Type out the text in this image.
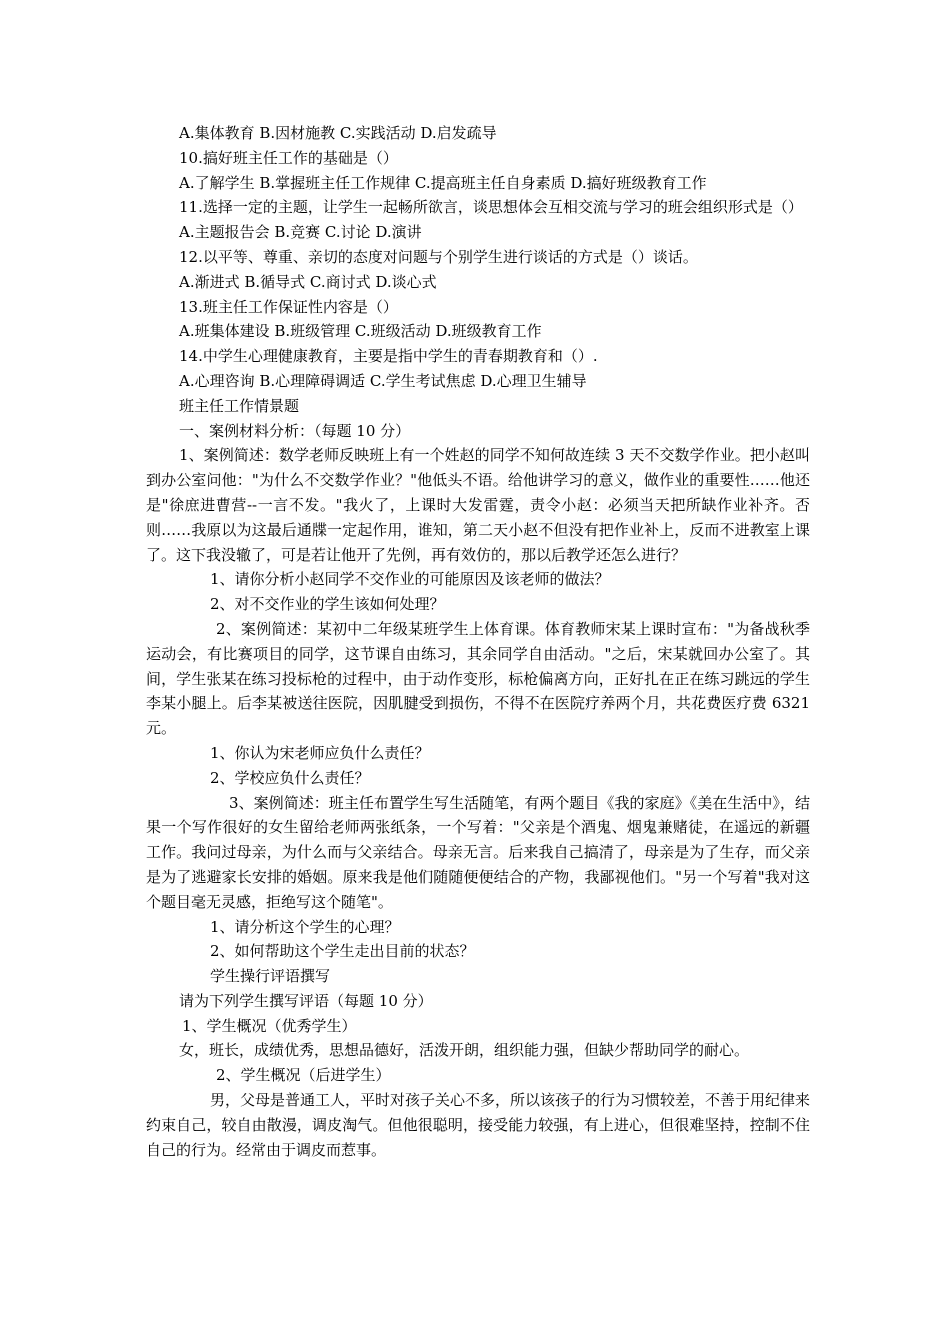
A.集体教育 B.因材施教 C.实践活动 D.启发疏导

10.搞好班主任工作的基础是（）

A.了解学生 B.掌握班主任工作规律 C.提高班主任自身素质 D.搞好班级教育工作

11.选择一定的主题，让学生一起畅所欲言，谈思想体会互相交流与学习的班会组织形式是（）

A.主题报告会 B.竞赛 C.讨论 D.演讲

12.以平等、尊重、亲切的态度对问题与个别学生进行谈话的方式是（）谈话。

A.渐进式 B.循导式 C.商讨式 D.谈心式

13.班主任工作保证性内容是（）

A.班集体建设 B.班级管理 C.班级活动 D.班级教育工作

14.中学生心理健康教育，主要是指中学生的青春期教育和（）.

A.心理咨询 B.心理障碍调适 C.学生考试焦虑 D.心理卫生辅导

班主任工作情景题

一、案例材料分析：（每题 10 分）

1、案例简述：数学老师反映班上有一个姓赵的同学不知何故连续 3 天不交数学作业。把小赵叫到办公室问他："为什么不交数学作业？"他低头不语。给他讲学习的意义，做作业的重要性……他还是"徐庶进曹营--一言不发。"我火了，上课时大发雷霆，责令小赵：必须当天把所缺作业补齐。否则……我原以为这最后通牒一定起作用，谁知，第二天小赵不但没有把作业补上，反而不进教室上课了。这下我没辙了，可是若让他开了先例，再有效仿的，那以后教学还怎么进行？

1、请你分析小赵同学不交作业的可能原因及该老师的做法？

2、对不交作业的学生该如何处理？

2、案例简述：某初中二年级某班学生上体育课。体育教师宋某上课时宣布："为备战秋季运动会，有比赛项目的同学，这节课自由练习，其余同学自由活动。"之后，宋某就回办公室了。其间，学生张某在练习投标枪的过程中，由于动作变形，标枪偏离方向，正好扎在正在练习跳远的学生李某小腿上。后李某被送往医院，因肌腱受到损伤，不得不在医院疗养两个月，共花费医疗费 6321 元。

1、你认为宋老师应负什么责任？

2、学校应负什么责任？

3、案例简述：班主任布置学生写生活随笔，有两个题目《我的家庭》《美在生活中》，结果一个写作很好的女生留给老师两张纸条，一个写着："父亲是个酒鬼、烟鬼兼赌徒，在遥远的新疆工作。我问过母亲，为什么而与父亲结合。母亲无言。后来我自己搞清了，母亲是为了生存，而父亲是为了逃避家长安排的婚姻。原来我是他们随随便便结合的产物，我鄙视他们。"另一个写着"我对这个题目毫无灵感，拒绝写这个随笔"。

1、请分析这个学生的心理？

2、如何帮助这个学生走出目前的状态？

学生操行评语撰写

请为下列学生撰写评语（每题 10 分）

1、学生概况（优秀学生）

女，班长，成绩优秀，思想品德好，活泼开朗，组织能力强，但缺少帮助同学的耐心。

2、学生概况（后进学生）

男，父母是普通工人，平时对孩子关心不多，所以该孩子的行为习惯较差，不善于用纪律来约束自己，较自由散漫，调皮淘气。但他很聪明，接受能力较强，有上进心，但很难坚持，控制不住自己的行为。经常由于调皮而惹事。
